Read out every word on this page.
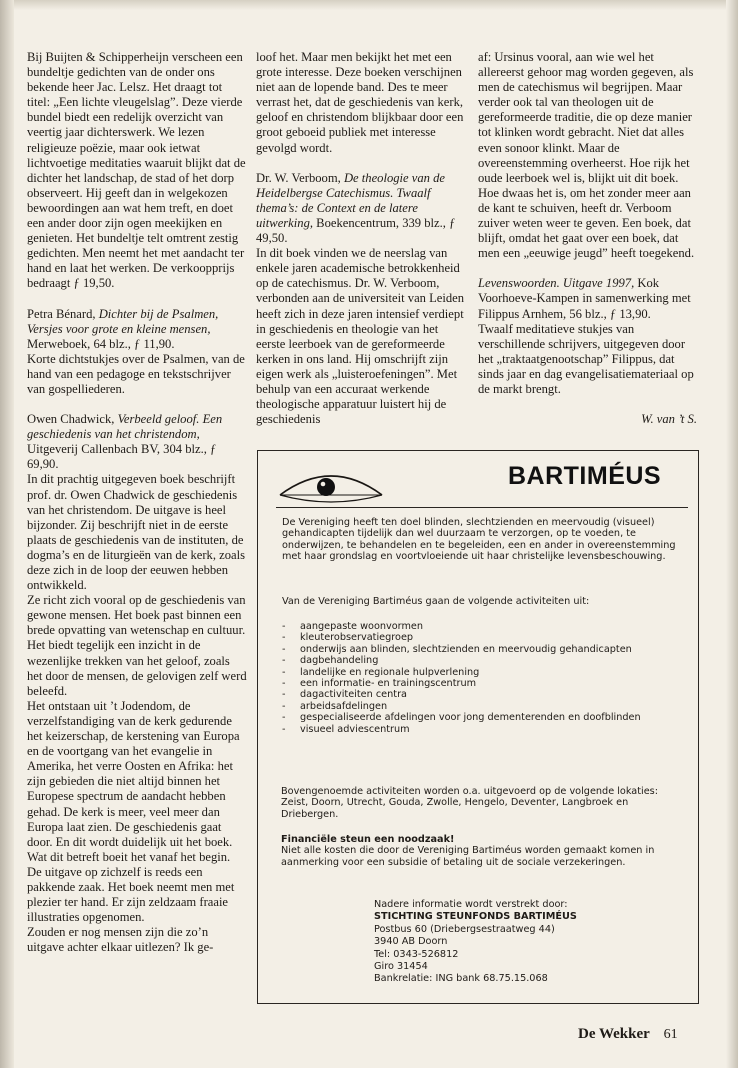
Bij Buijten & Schipperheijn verscheen een bundeltje gedichten van de onder ons bekende heer Jac. Lelsz. Het draagt tot titel: „Een lichte vleugelslag”. Deze vierde bundel biedt een redelijk overzicht van veertig jaar dichterswerk. We lezen religieuze poëzie, maar ook ietwat lichtvoetige meditaties waaruit blijkt dat de dichter het landschap, de stad of het dorp observeert. Hij geeft dan in welgekozen bewoordingen aan wat hem treft, en doet een ander door zijn ogen meekijken en genieten. Het bundeltje telt omtrent zestig gedichten. Men neemt het met aandacht ter hand en laat het werken. De verkoopprijs bedraagt ƒ 19,50.

Petra Bénard, Dichter bij de Psalmen, Versjes voor grote en kleine mensen, Merweboek, 64 blz., ƒ 11,90.
Korte dichtstukjes over de Psalmen, van de hand van een pedagoge en tekstschrijver van gospelliederen.

Owen Chadwick, Verbeeld geloof. Een geschiedenis van het christendom, Uitgeverij Callenbach BV, 304 blz., ƒ 69,90.
In dit prachtig uitgegeven boek beschrijft prof. dr. Owen Chadwick de geschiedenis van het christendom. De uitgave is heel bijzonder. Zij beschrijft niet in de eerste plaats de geschiedenis van de instituten, de dogma’s en de liturgieën van de kerk, zoals deze zich in de loop der eeuwen hebben ontwikkeld.
Ze richt zich vooral op de geschiedenis van gewone mensen. Het boek past binnen een brede opvatting van wetenschap en cultuur. Het biedt tegelijk een inzicht in de wezenlijke trekken van het geloof, zoals het door de mensen, de gelovigen zelf werd beleefd.
Het ontstaan uit ’t Jodendom, de verzelfstandiging van de kerk gedurende het keizerschap, de kerstening van Europa en de voortgang van het evangelie in Amerika, het verre Oosten en Afrika: het zijn gebieden die niet altijd binnen het Europese spectrum de aandacht hebben gehad. De kerk is meer, veel meer dan Europa laat zien. De geschiedenis gaat door. En dit wordt duidelijk uit het boek.
Wat dit betreft boeit het vanaf het begin. De uitgave op zichzelf is reeds een pakkende zaak. Het boek neemt men met plezier ter hand. Er zijn zeldzaam fraaie illustraties opgenomen.
Zouden er nog mensen zijn die zo’n uitgave achter elkaar uitlezen? Ik ge-

loof het. Maar men bekijkt het met een grote interesse. Deze boeken verschijnen niet aan de lopende band. Des te meer verrast het, dat de geschiedenis van kerk, geloof en christendom blijkbaar door een groot geboeid publiek met interesse gevolgd wordt.

Dr. W. Verboom, De theologie van de Heidelbergse Catechismus. Twaalf thema’s: de Context en de latere uitwerking, Boekencentrum, 339 blz., ƒ 49,50.
In dit boek vinden we de neerslag van enkele jaren academische betrokkenheid op de catechismus. Dr. W. Verboom, verbonden aan de universiteit van Leiden heeft zich in deze jaren intensief verdiept in geschiedenis en theologie van het eerste leerboek van de gereformeerde kerken in ons land. Hij omschrijft zijn eigen werk als „luisteroefeningen”. Met behulp van een accuraat werkende theologische apparatuur luistert hij de geschiedenis

af: Ursinus vooral, aan wie wel het allereerst gehoor mag worden gegeven, als men de catechismus wil begrijpen. Maar verder ook tal van theologen uit de gereformeerde traditie, die op deze manier tot klinken wordt gebracht. Niet dat alles even sonoor klinkt. Maar de overeenstemming overheerst. Hoe rijk het oude leerboek wel is, blijkt uit dit boek. Hoe dwaas het is, om het zonder meer aan de kant te schuiven, heeft dr. Verboom zuiver weten weer te geven. Een boek, dat blijft, omdat het gaat over een boek, dat men een „eeuwige jeugd” heeft toegekend.

Levenswoorden. Uitgave 1997, Kok Voorhoeve-Kampen in samenwerking met Filippus Arnhem, 56 blz., ƒ 13,90.
Twaalf meditatieve stukjes van verschillende schrijvers, uitgegeven door het „traktaatgenootschap” Filippus, dat sinds jaar en dag evangelisatiemateriaal op de markt brengt.

W. van ’t S.
BARTIMÉUS
De Vereniging heeft ten doel blinden, slechtzienden en meervoudig (visueel) gehandicapten tijdelijk dan wel duurzaam te verzorgen, op te voeden, te onderwijzen, te behandelen en te begeleiden, een en ander in overeenstemming met haar grondslag en voortvloeiende uit haar christelijke levensbeschouwing.
Van de Vereniging Bartiméus gaan de volgende activiteiten uit:
- aangepaste woonvormen
- kleuterobservatiegroep
- onderwijs aan blinden, slechtzienden en meervoudig gehandicapten
- dagbehandeling
- landelijke en regionale hulpverlening
- een informatie- en trainingscentrum
- dagactiviteiten centra
- arbeidsafdelingen
- gespecialiseerde afdelingen voor jong dementerenden en doofblinden
- visueel adviescentrum
Bovengenoemde activiteiten worden o.a. uitgevoerd op de volgende lokaties: Zeist, Doorn, Utrecht, Gouda, Zwolle, Hengelo, Deventer, Langbroek en Driebergen.
Financiële steun een noodzaak!
Niet alle kosten die door de Vereniging Bartiméus worden gemaakt komen in aanmerking voor een subsidie of betaling uit de sociale verzekeringen.
Nadere informatie wordt verstrekt door:
STICHTING STEUNFONDS BARTIMÉUS
Postbus 60 (Driebergsestraatweg 44)
3940 AB Doorn
Tel: 0343-526812
Giro 31454
Bankrelatie: ING bank 68.75.15.068
De Wekker 61
